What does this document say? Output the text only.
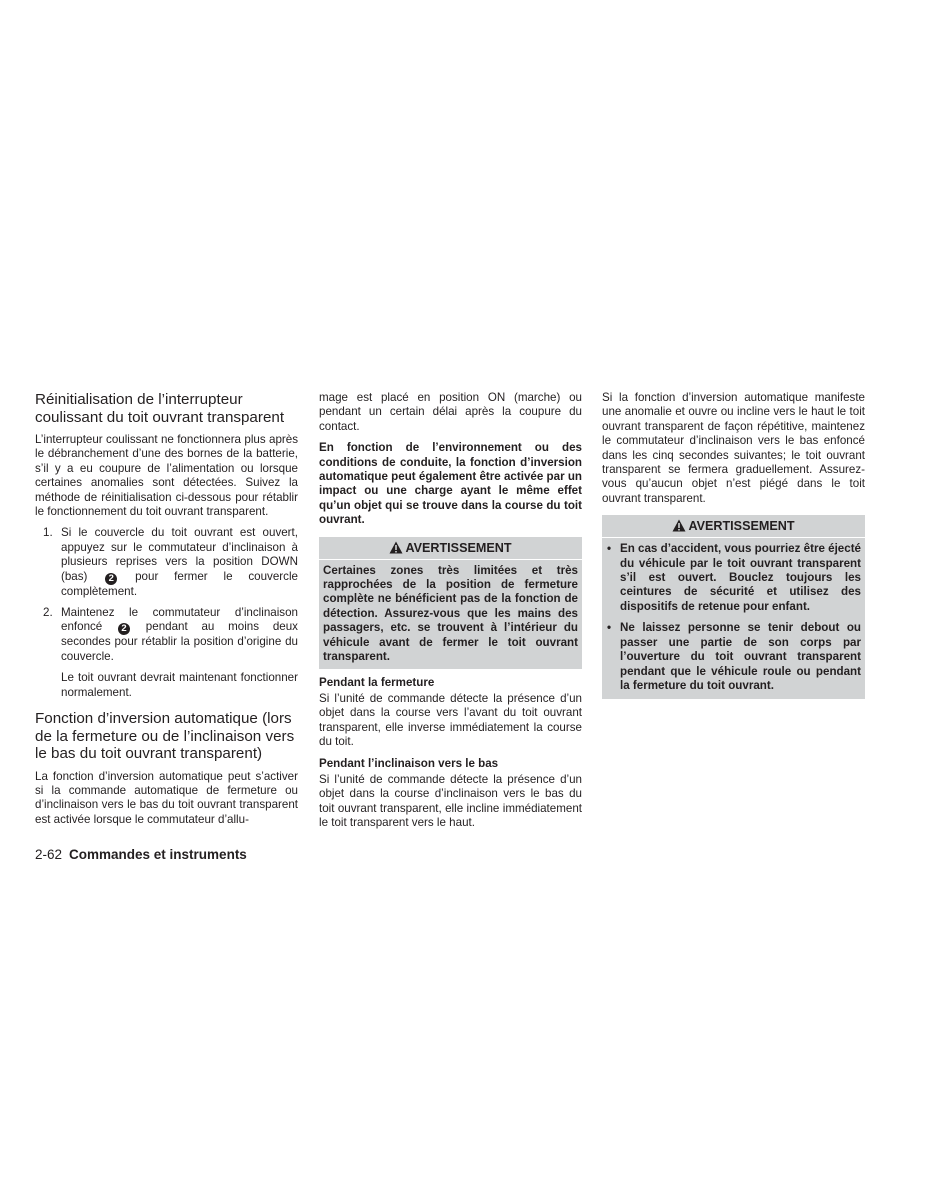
Réinitialisation de l’interrupteur coulissant du toit ouvrant transparent

L’interrupteur coulissant ne fonctionnera plus après le débranchement d’une des bornes de la batterie, s’il y a eu coupure de l’alimentation ou lorsque certaines anomalies sont détectées. Suivez la méthode de réinitialisation ci-dessous pour rétablir le fonctionnement du toit ouvrant transparent.

1. Si le couvercle du toit ouvrant est ouvert, appuyez sur le commutateur d’inclinaison à plusieurs reprises vers la position DOWN (bas) 2 pour fermer le couvercle complètement.
2. Maintenez le commutateur d’inclinaison enfoncé 2 pendant au moins deux secondes pour rétablir la position d’origine du couvercle.

Le toit ouvrant devrait maintenant fonctionner normalement.

Fonction d’inversion automatique (lors de la fermeture ou de l’inclinaison vers le bas du toit ouvrant transparent)

La fonction d’inversion automatique peut s’activer si la commande automatique de fermeture ou d’inclinaison vers le bas du toit ouvrant transparent est activée lorsque le commutateur d’allu-

mage est placé en position ON (marche) ou pendant un certain délai après la coupure du contact.

En fonction de l’environnement ou des conditions de conduite, la fonction d’inversion automatique peut également être activée par un impact ou une charge ayant le même effet qu’un objet qui se trouve dans la course du toit ouvrant.

AVERTISSEMENT

Certaines zones très limitées et très rapprochées de la position de fermeture complète ne bénéficient pas de la fonction de détection. Assurez-vous que les mains des passagers, etc. se trouvent à l’intérieur du véhicule avant de fermer le toit ouvrant transparent.

Pendant la fermeture

Si l’unité de commande détecte la présence d’un objet dans la course vers l’avant du toit ouvrant transparent, elle inverse immédiatement la course du toit.

Pendant l’inclinaison vers le bas

Si l’unité de commande détecte la présence d’un objet dans la course d’inclinaison vers le bas du toit ouvrant transparent, elle incline immédiatement le toit transparent vers le haut.

Si la fonction d’inversion automatique manifeste une anomalie et ouvre ou incline vers le haut le toit ouvrant transparent de façon répétitive, maintenez le commutateur d’inclinaison vers le bas enfoncé dans les cinq secondes suivantes; le toit ouvrant transparent se fermera graduellement. Assurez-vous qu’aucun objet n’est piégé dans le toit ouvrant transparent.

AVERTISSEMENT
• En cas d’accident, vous pourriez être éjecté du véhicule par le toit ouvrant transparent s’il est ouvert. Bouclez toujours les ceintures de sécurité et utilisez des dispositifs de retenue pour enfant.
• Ne laissez personne se tenir debout ou passer une partie de son corps par l’ouverture du toit ouvrant transparent pendant que le véhicule roule ou pendant la fermeture du toit ouvrant.
2-62 Commandes et instruments
